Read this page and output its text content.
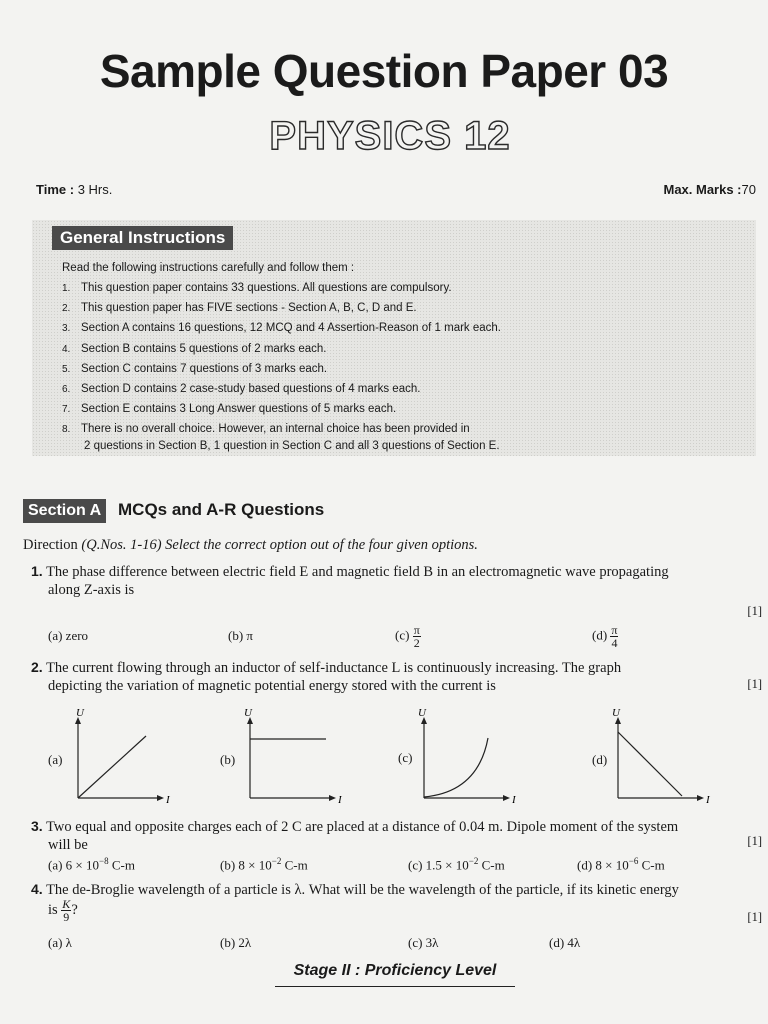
Sample Question Paper 03
PHYSICS 12
Time : 3 Hrs.	Max. Marks :70
General Instructions
Read the following instructions carefully and follow them :
1. This question paper contains 33 questions. All questions are compulsory.
2. This question paper has FIVE sections - Section A, B, C, D and E.
3. Section A contains 16 questions, 12 MCQ and 4 Assertion-Reason of 1 mark each.
4. Section B contains 5 questions of 2 marks each.
5. Section C contains 7 questions of 3 marks each.
6. Section D contains 2 case-study based questions of 4 marks each.
7. Section E contains 3 Long Answer questions of 5 marks each.
8. There is no overall choice. However, an internal choice has been provided in
2 questions in Section B, 1 question in Section C and all 3 questions of Section E.
Section A MCQs and A-R Questions
Direction (Q.Nos. 1-16) Select the correct option out of the four given options.
1. The phase difference between electric field E and magnetic field B in an electromagnetic wave propagating
along Z-axis is
[1]
(a) zero	(b) π	$(c) \frac{\pi}{2}$	$(d) \frac{\pi}{4}$
2. The current flowing through an inductor of self-inductance L is continuously increasing. The graph
depicting the variation of magnetic potential energy stored with the current is	[1]
(a)
U
I
(b)
U
I
(c)
U
I
(d)
U
I
3. Two equal and opposite charges each of 2 C are placed at a distance of 0.04 m. Dipole moment of the system
will be	[1]
(a) $6 \times 10^{-8}$ C-m	(b) $8 \times 10^{-2}$ C-m	(c) $1.5 \times 10^{-2}$ C-m	(d) $8 \times 10^{-6}$ C-m
4. The de-Broglie wavelength of a particle is λ. What will be the wavelength of the particle, if its kinetic energy
is $\frac{K}{9}$ ?	[1]
(a) λ	(b) 2λ	(c) 3λ	(d) 4λ
Stage II : Proficiency Level
